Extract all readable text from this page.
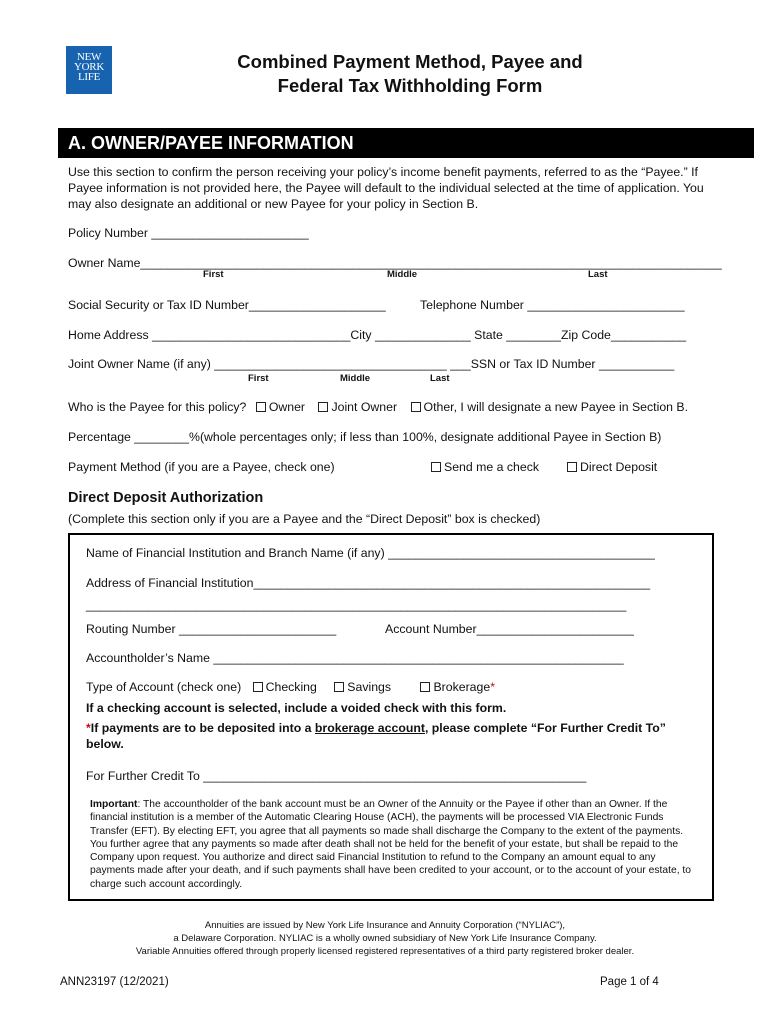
NEW
YORK
LIFE
Combined Payment Method, Payee and
Federal Tax Withholding Form
A. OWNER/PAYEE INFORMATION
Use this section to confirm the person receiving your policy’s income benefit payments, referred to as the “Payee.” If Payee information is not provided here, the Payee will default to the individual selected at the time of application. You may also designate an additional or new Payee for your policy in Section B.
Policy Number _______________________
Owner Name_____________________________________________________________________________________
First	Middle	Last
Social Security or Tax ID Number____________________	Telephone Number _______________________
Home Address _____________________________City ______________ State ________Zip Code___________
Joint Owner Name (if any) __________________________________ ___SSN or Tax ID Number ___________
First	Middle	Last
Who is the Payee for this policy? Owner Joint Owner Other, I will designate a new Payee in Section B.
Percentage ________%(whole percentages only; if less than 100%, designate additional Payee in Section B)
Payment Method (if you are a Payee, check one)	Send me a check	Direct Deposit
Direct Deposit Authorization
(Complete this section only if you are a Payee and the “Direct Deposit” box is checked)
Name of Financial Institution and Branch Name (if any) _______________________________________
Address of Financial Institution__________________________________________________________
_______________________________________________________________________________
Routing Number _______________________	Account Number_______________________
Accountholder’s Name ____________________________________________________________
Type of Account (check one) Checking Savings	Brokerage*
If a checking account is selected, include a voided check with this form.
*If payments are to be deposited into a brokerage account, please complete “For Further Credit To”
below.
For Further Credit To ________________________________________________________
Important: The accountholder of the bank account must be an Owner of the Annuity or the Payee if other than an Owner. If the financial institution is a member of the Automatic Clearing House (ACH), the payments will be processed VIA Electronic Funds Transfer (EFT). By electing EFT, you agree that all payments so made shall discharge the Company to the extent of the payments. You further agree that any payments so made after death shall not be held for the benefit of your estate, but shall be repaid to the Company upon request. You authorize and direct said Financial Institution to refund to the Company an amount equal to any payments made after your death, and if such payments shall have been credited to your account, or to the account of your estate, to charge such account accordingly.
Annuities are issued by New York Life Insurance and Annuity Corporation (“NYLIAC”),
a Delaware Corporation. NYLIAC is a wholly owned subsidiary of New York Life Insurance Company.
Variable Annuities offered through properly licensed registered representatives of a third party registered broker dealer.
ANN23197 (12/2021)	Page 1 of 4
